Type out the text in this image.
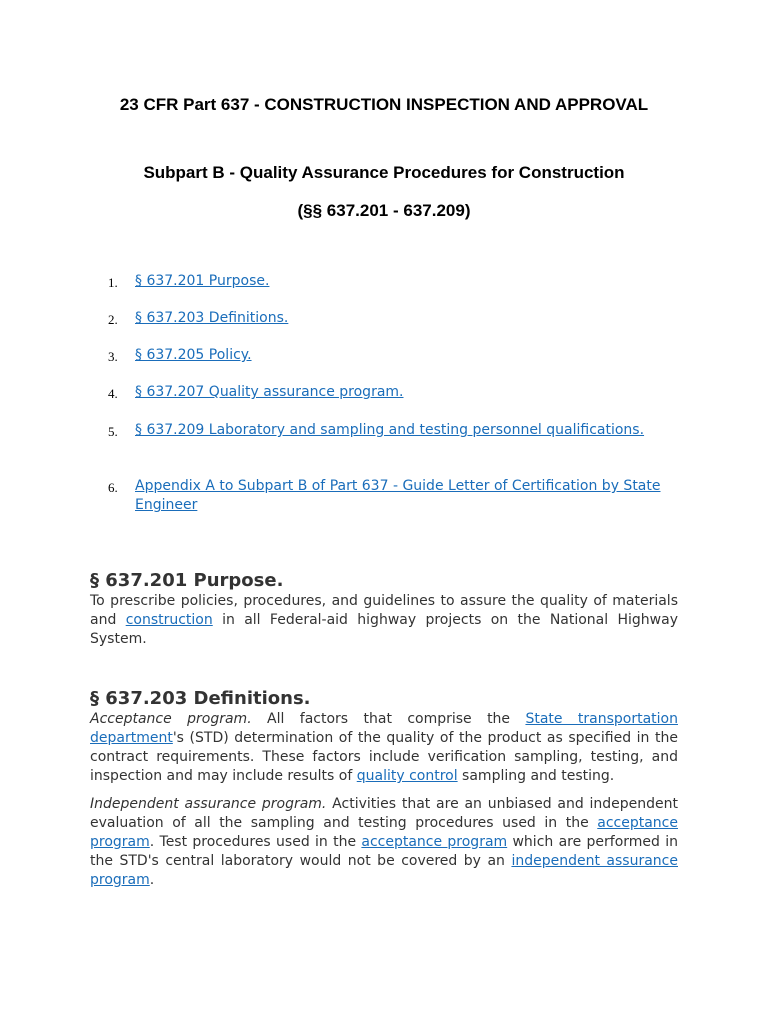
23 CFR Part 637 - CONSTRUCTION INSPECTION AND APPROVAL
Subpart B - Quality Assurance Procedures for Construction
(§§ 637.201 - 637.209)
1. § 637.201 Purpose.
2. § 637.203 Definitions.
3. § 637.205 Policy.
4. § 637.207 Quality assurance program.
5. § 637.209 Laboratory and sampling and testing personnel qualifications.
6. Appendix A to Subpart B of Part 637 - Guide Letter of Certification by State Engineer
§ 637.201 Purpose.

To prescribe policies, procedures, and guidelines to assure the quality of materials and construction in all Federal-aid highway projects on the National Highway System.

§ 637.203 Definitions.

Acceptance program. All factors that comprise the State transportation department's (STD) determination of the quality of the product as specified in the contract requirements. These factors include verification sampling, testing, and inspection and may include results of quality control sampling and testing.

Independent assurance program. Activities that are an unbiased and independent evaluation of all the sampling and testing procedures used in the acceptance program. Test procedures used in the acceptance program which are performed in the STD's central laboratory would not be covered by an independent assurance program.
